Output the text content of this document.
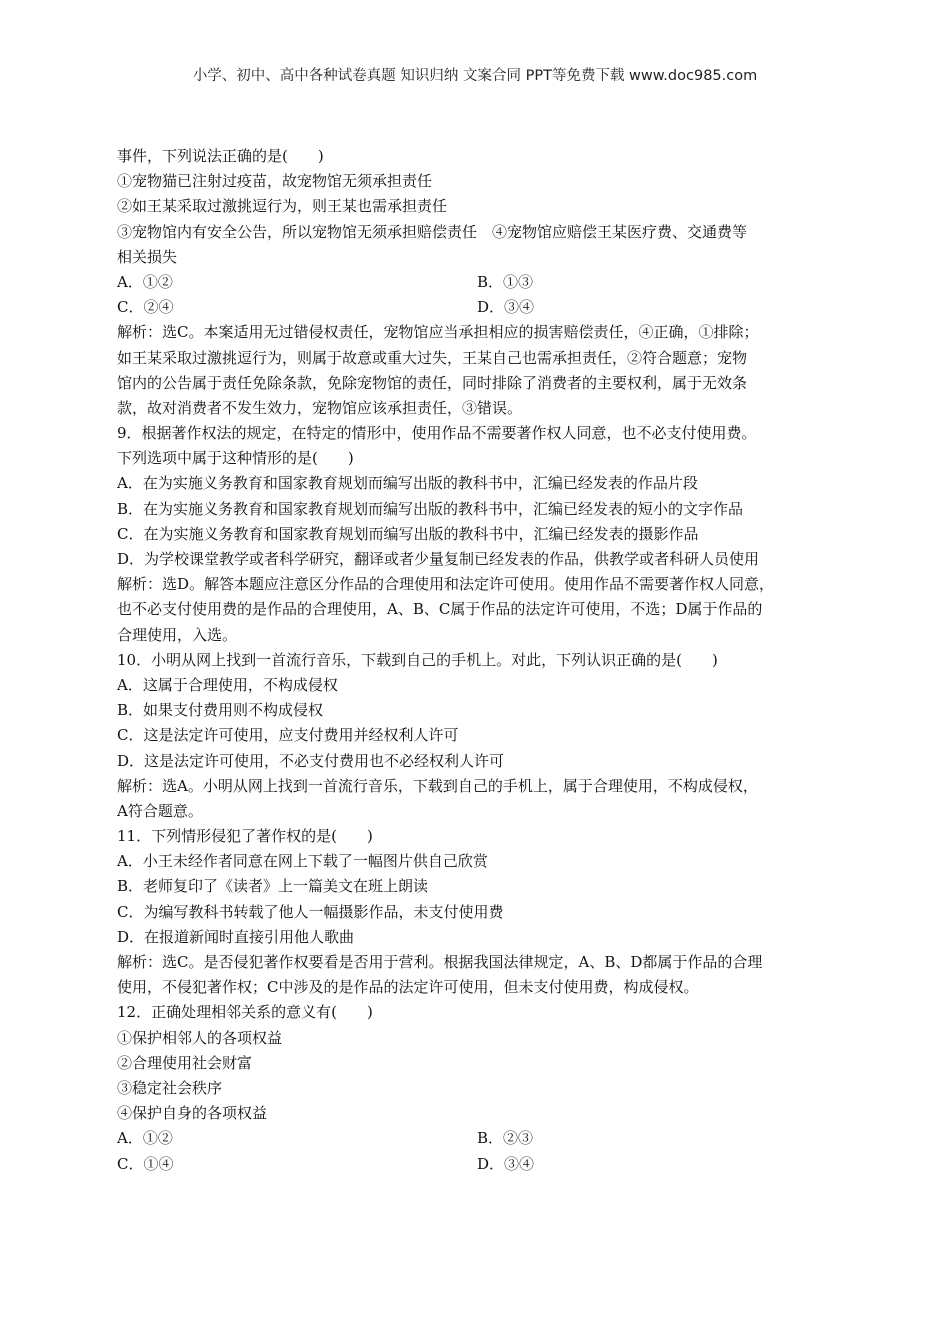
小学、初中、高中各种试卷真题 知识归纳 文案合同 PPT等免费下载 www.doc985.com
事件，下列说法正确的是(　　)
①宠物猫已注射过疫苗，故宠物馆无须承担责任
②如王某采取过激挑逗行为，则王某也需承担责任
③宠物馆内有安全公告，所以宠物馆无须承担赔偿责任　④宠物馆应赔偿王某医疗费、交通费等
相关损失
A．①②	B．①③
C．②④	D．③④
解析：选C。本案适用无过错侵权责任，宠物馆应当承担相应的损害赔偿责任，④正确，①排除；
如王某采取过激挑逗行为，则属于故意或重大过失，王某自己也需承担责任，②符合题意；宠物
馆内的公告属于责任免除条款，免除宠物馆的责任，同时排除了消费者的主要权利，属于无效条
款，故对消费者不发生效力，宠物馆应该承担责任，③错误。
9．根据著作权法的规定，在特定的情形中，使用作品不需要著作权人同意，也不必支付使用费。
下列选项中属于这种情形的是(　　)
A．在为实施义务教育和国家教育规划而编写出版的教科书中，汇编已经发表的作品片段
B．在为实施义务教育和国家教育规划而编写出版的教科书中，汇编已经发表的短小的文字作品
C．在为实施义务教育和国家教育规划而编写出版的教科书中，汇编已经发表的摄影作品
D．为学校课堂教学或者科学研究，翻译或者少量复制已经发表的作品，供教学或者科研人员使用
解析：选D。解答本题应注意区分作品的合理使用和法定许可使用。使用作品不需要著作权人同意，
也不必支付使用费的是作品的合理使用，A、B、C属于作品的法定许可使用，不选；D属于作品的
合理使用，入选。
10．小明从网上找到一首流行音乐，下载到自己的手机上。对此，下列认识正确的是(　　)
A．这属于合理使用，不构成侵权
B．如果支付费用则不构成侵权
C．这是法定许可使用，应支付费用并经权利人许可
D．这是法定许可使用，不必支付费用也不必经权利人许可
解析：选A。小明从网上找到一首流行音乐，下载到自己的手机上，属于合理使用，不构成侵权，
A符合题意。
11．下列情形侵犯了著作权的是(　　)
A．小王未经作者同意在网上下载了一幅图片供自己欣赏
B．老师复印了《读者》上一篇美文在班上朗读
C．为编写教科书转载了他人一幅摄影作品，未支付使用费
D．在报道新闻时直接引用他人歌曲
解析：选C。是否侵犯著作权要看是否用于营利。根据我国法律规定，A、B、D都属于作品的合理
使用，不侵犯著作权；C中涉及的是作品的法定许可使用，但未支付使用费，构成侵权。
12．正确处理相邻关系的意义有(　　)
①保护相邻人的各项权益
②合理使用社会财富
③稳定社会秩序
④保护自身的各项权益
A．①②	B．②③
C．①④	D．③④
